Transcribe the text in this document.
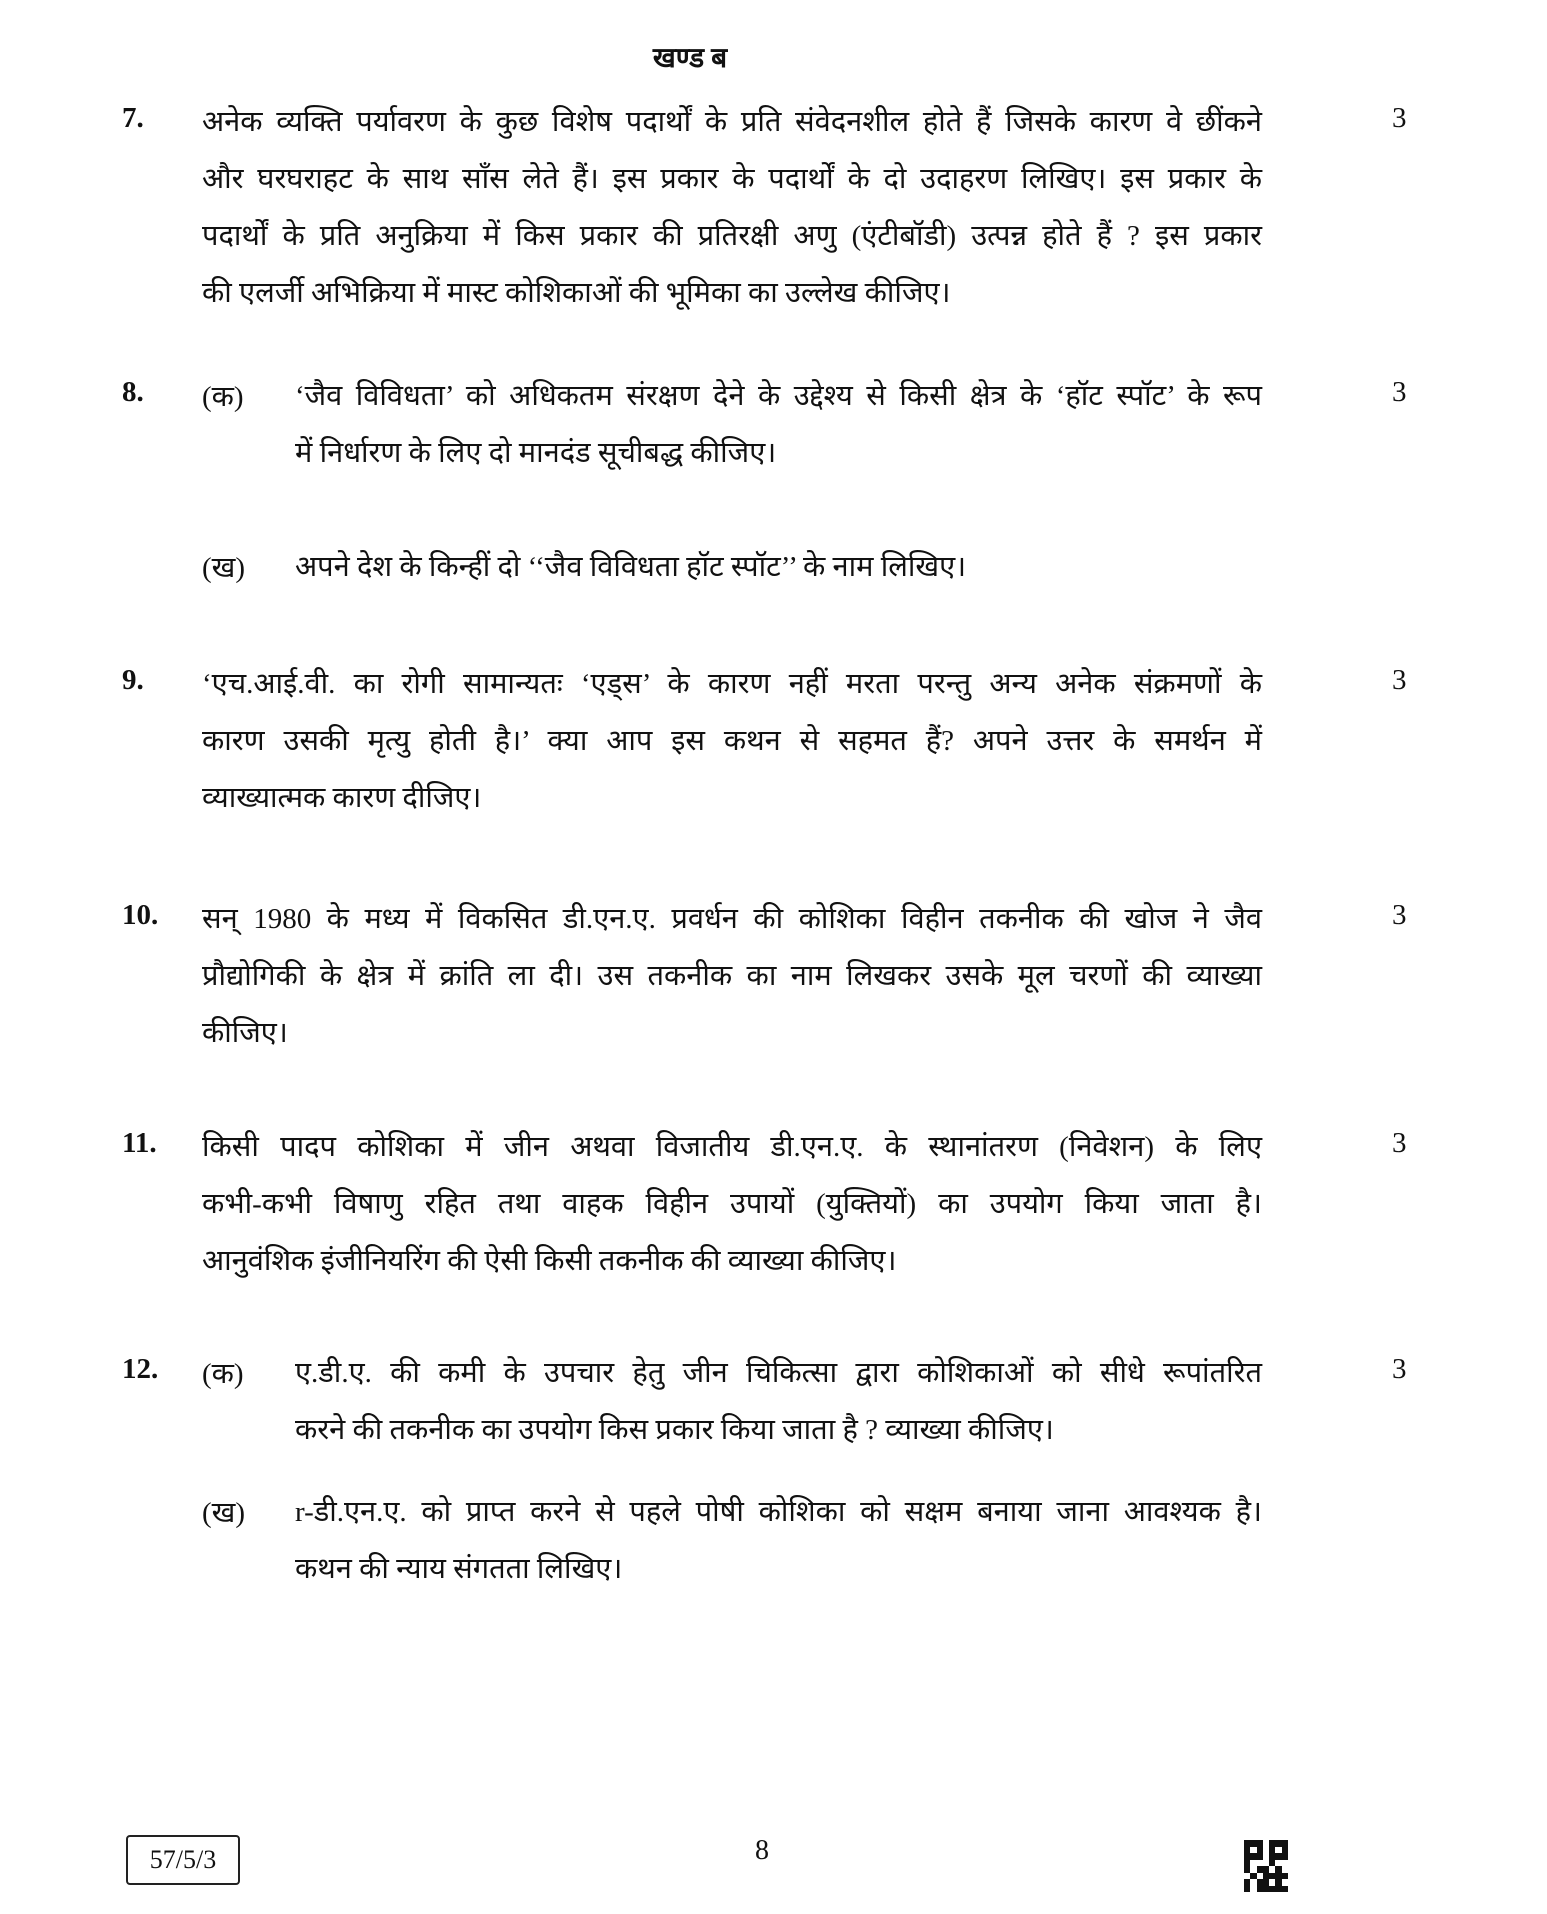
खण्ड ब
7.	3
अनेक व्यक्ति पर्यावरण के कुछ विशेष पदार्थों के प्रति संवेदनशील होते हैं जिसके कारण वे छींकने
और घरघराहट के साथ साँस लेते हैं। इस प्रकार के पदार्थों के दो उदाहरण लिखिए। इस प्रकार के
पदार्थों के प्रति अनुक्रिया में किस प्रकार की प्रतिरक्षी अणु (एंटीबॉडी) उत्पन्न होते हैं ? इस प्रकार
की एलर्जी अभिक्रिया में मास्ट कोशिकाओं की भूमिका का उल्लेख कीजिए।
8.	3
(क) ‘जैव विविधता’ को अधिकतम संरक्षण देने के उद्देश्य से किसी क्षेत्र के ‘हॉट स्पॉट’ के रूप
में निर्धारण के लिए दो मानदंड सूचीबद्ध कीजिए।
(ख) अपने देश के किन्हीं दो ‘‘जैव विविधता हॉट स्पॉट’’ के नाम लिखिए।
9.	3
‘एच.आई.वी. का रोगी सामान्यतः ‘एड्स’ के कारण नहीं मरता परन्तु अन्य अनेक संक्रमणों के
कारण उसकी मृत्यु होती है।’ क्या आप इस कथन से सहमत हैं? अपने उत्तर के समर्थन में
व्याख्यात्मक कारण दीजिए।
10.	3
सन् 1980 के मध्य में विकसित डी.एन.ए. प्रवर्धन की कोशिका विहीन तकनीक की खोज ने जैव
प्रौद्योगिकी के क्षेत्र में क्रांति ला दी। उस तकनीक का नाम लिखकर उसके मूल चरणों की व्याख्या
कीजिए।
11.	3
किसी पादप कोशिका में जीन अथवा विजातीय डी.एन.ए. के स्थानांतरण (निवेशन) के लिए
कभी-कभी विषाणु रहित तथा वाहक विहीन उपायों (युक्तियों) का उपयोग किया जाता है।
आनुवंशिक इंजीनियरिंग की ऐसी किसी तकनीक की व्याख्या कीजिए।
12.	3
(क) ए.डी.ए. की कमी के उपचार हेतु जीन चिकित्सा द्वारा कोशिकाओं को सीधे रूपांतरित
करने की तकनीक का उपयोग किस प्रकार किया जाता है ? व्याख्या कीजिए।
(ख) r-डी.एन.ए. को प्राप्त करने से पहले पोषी कोशिका को सक्षम बनाया जाना आवश्यक है।
कथन की न्याय संगतता लिखिए।
57/5/3	8
